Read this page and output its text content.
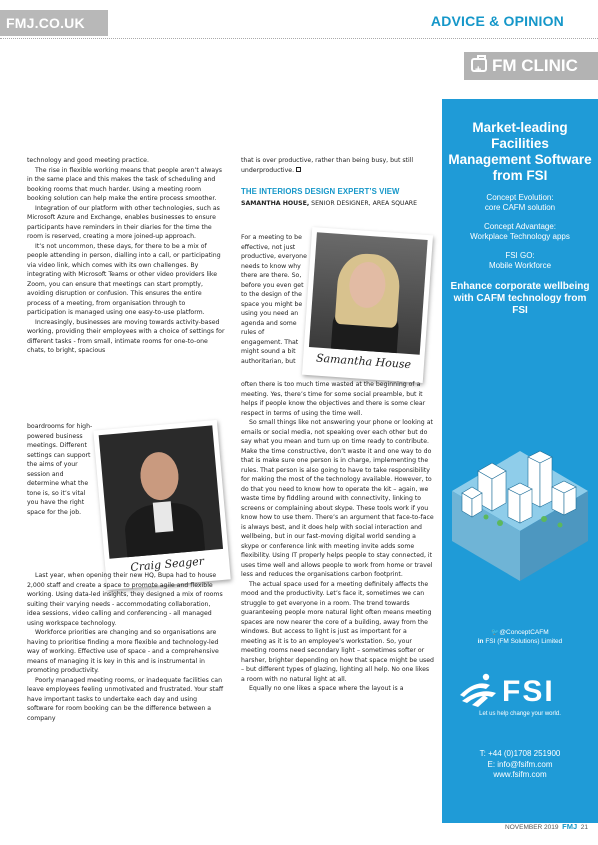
FMJ.CO.UK	ADVICE & OPINION
+
FM CLINIC

technology and good meeting practice.

The rise in flexible working means that people aren’t always in the same place and this makes the task of scheduling and booking rooms that much harder. Using a meeting room booking solution can help make the entire process smoother.

Integration of our platform with other technologies, such as Microsoft Azure and Exchange, enables businesses to ensure participants have reminders in their diaries for the time the room is reserved, creating a more joined-up approach.

It’s not uncommon, these days, for there to be a mix of people attending in person, dialling into a call, or participating via video link, which comes with its own challenges. By integrating with Microsoft Teams or other video providers like Zoom, you can ensure that meetings can start promptly, avoiding disruption or confusion. This ensures the entire process of a meeting, from organisation through to participation is managed using one easy-to-use platform.

Increasingly, businesses are moving towards activity-based working, providing their employees with a choice of settings for different tasks - from small, intimate rooms for one-to-one chats, to bright, spacious

boardrooms for high-powered business meetings. Different settings can support the aims of your session and determine what the tone is, so it’s vital you have the right space for the job.

Craig Seager

Last year, when opening their new HQ, Bupa had to house 2,000 staff and create a space to promote agile and flexible working. Using data-led insights, they designed a mix of rooms suiting their varying needs - accommodating collaboration, idea sessions, video calling and conferencing - all managed using workspace technology.

Workforce priorities are changing and so organisations are having to prioritise finding a more flexible and technology-led way of working. Effective use of space - and a comprehensive means of managing it is key in this and is instrumental in promoting productivity.

Poorly managed meeting rooms, or inadequate facilities can leave employees feeling unmotivated and frustrated. Your staff have important tasks to undertake each day and using software for room booking can be the difference between a company

that is over productive, rather than being busy, but still underproductive.

THE INTERIORS DESIGN EXPERT’S VIEW
SAMANTHA HOUSE, SENIOR DESIGNER, AREA SQUARE

For a meeting to be effective, not just productive, everyone needs to know why there are there. So, before you even get to the design of the space you might be using you need an agenda and some rules of engagement. That might sound a bit authoritarian, but	Samantha House

often there is too much time wasted at the beginning of a meeting. Yes, there’s time for some social preamble, but it helps if people know the objectives and there is some clear respect in terms of using the time well.

So small things like not answering your phone or looking at emails or social media, not speaking over each other but do say what you mean and turn up on time ready to contribute. Make the time constructive, don’t waste it and one way to do that is make sure one person is in charge, implementing the rules. That person is also going to have to take responsibility for making the most of the technology available. However, to do that you need to know how to operate the kit – again, we waste time by fiddling around with connectivity, linking to screens or complaining about skype. These tools work if you know how to use them. There’s an argument that face-to-face is always best, and it does help with social interaction and wellbeing, but in our fast-moving digital world sending a skype or conference link with meeting invite adds some flexibility. Using IT properly helps people to stay connected, it uses time well and allows people to work from home or travel less and reduces the organisations carbon footprint.

The actual space used for a meeting definitely affects the mood and the productivity. Let’s face it, sometimes we can struggle to get everyone in a room. The trend towards guaranteeing people more natural light often means meeting spaces are now nearer the core of a building, away from the windows. But access to light is just as important for a meeting as it is to an employee’s workstation. So, your meeting rooms need secondary light – sometimes softer or harsher, brighter depending on how that space might be used – but different types of glazing, lighting all help. No one likes a room with no natural light at all.

Equally no one likes a space where the layout is a

Market-leading Facilities Management Software from FSI
Concept Evolution:
core CAFM solution
Concept Advantage:
Workplace Technology apps
FSI GO:
Mobile Workforce
Enhance corporate wellbeing with CAFM technology from FSI
🐦@ConceptCAFM
in FSI (FM Solutions) Limited
FSI
Let us help change your world.
T: +44 (0)1708 251900
E: info@fsifm.com
www.fsifm.com
NOVEMBER 2019 FMJ 21
